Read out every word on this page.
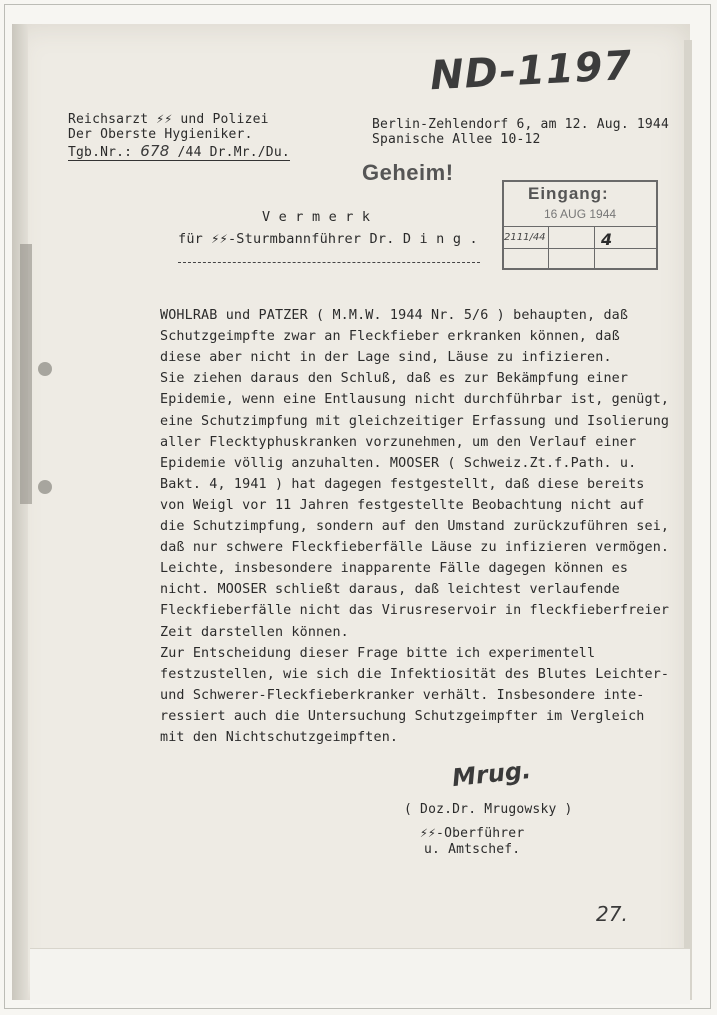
ND-1197
Reichsarzt ⚡⚡ und Polizei
Der Oberste Hygieniker.
Tgb.Nr.: 678 /44 Dr.Mr./Du.
Berlin-Zehlendorf 6, am 12. Aug. 1944
Spanische Allee 10-12
Geheim!
Eingang:
16 AUG 1944
4
2111/44
V e r m e r k
für ⚡⚡-Sturmbannführer Dr. D i n g .
WOHLRAB und PATZER ( M.M.W. 1944 Nr. 5/6 ) behaupten, daß
Schutzgeimpfte zwar an Fleckfieber erkranken können, daß
diese aber nicht in der Lage sind, Läuse zu infizieren.
Sie ziehen daraus den Schluß, daß es zur Bekämpfung einer
Epidemie, wenn eine Entlausung nicht durchführbar ist, genügt,
eine Schutzimpfung mit gleichzeitiger Erfassung und Isolierung
aller Flecktyphuskranken vorzunehmen, um den Verlauf einer
Epidemie völlig anzuhalten. MOOSER ( Schweiz.Zt.f.Path. u.
Bakt. 4, 1941 ) hat dagegen festgestellt, daß diese bereits
von Weigl vor 11 Jahren festgestellte Beobachtung nicht auf
die Schutzimpfung, sondern auf den Umstand zurückzuführen sei,
daß nur schwere Fleckfieberfälle Läuse zu infizieren vermögen.
Leichte, insbesondere inapparente Fälle dagegen können es
nicht. MOOSER schließt daraus, daß leichtest verlaufende
Fleckfieberfälle nicht das Virusreservoir in fleckfieberfreier
Zeit darstellen können.
Zur Entscheidung dieser Frage bitte ich experimentell
festzustellen, wie sich die Infektiosität des Blutes Leichter-
und Schwerer-Fleckfieberkranker verhält. Insbesondere inte-
ressiert auch die Untersuchung Schutzgeimpfter im Vergleich
mit den Nichtschutzgeimpften.
Mrug.
( Doz.Dr. Mrugowsky )
⚡⚡-Oberführer
u. Amtschef.
27.
